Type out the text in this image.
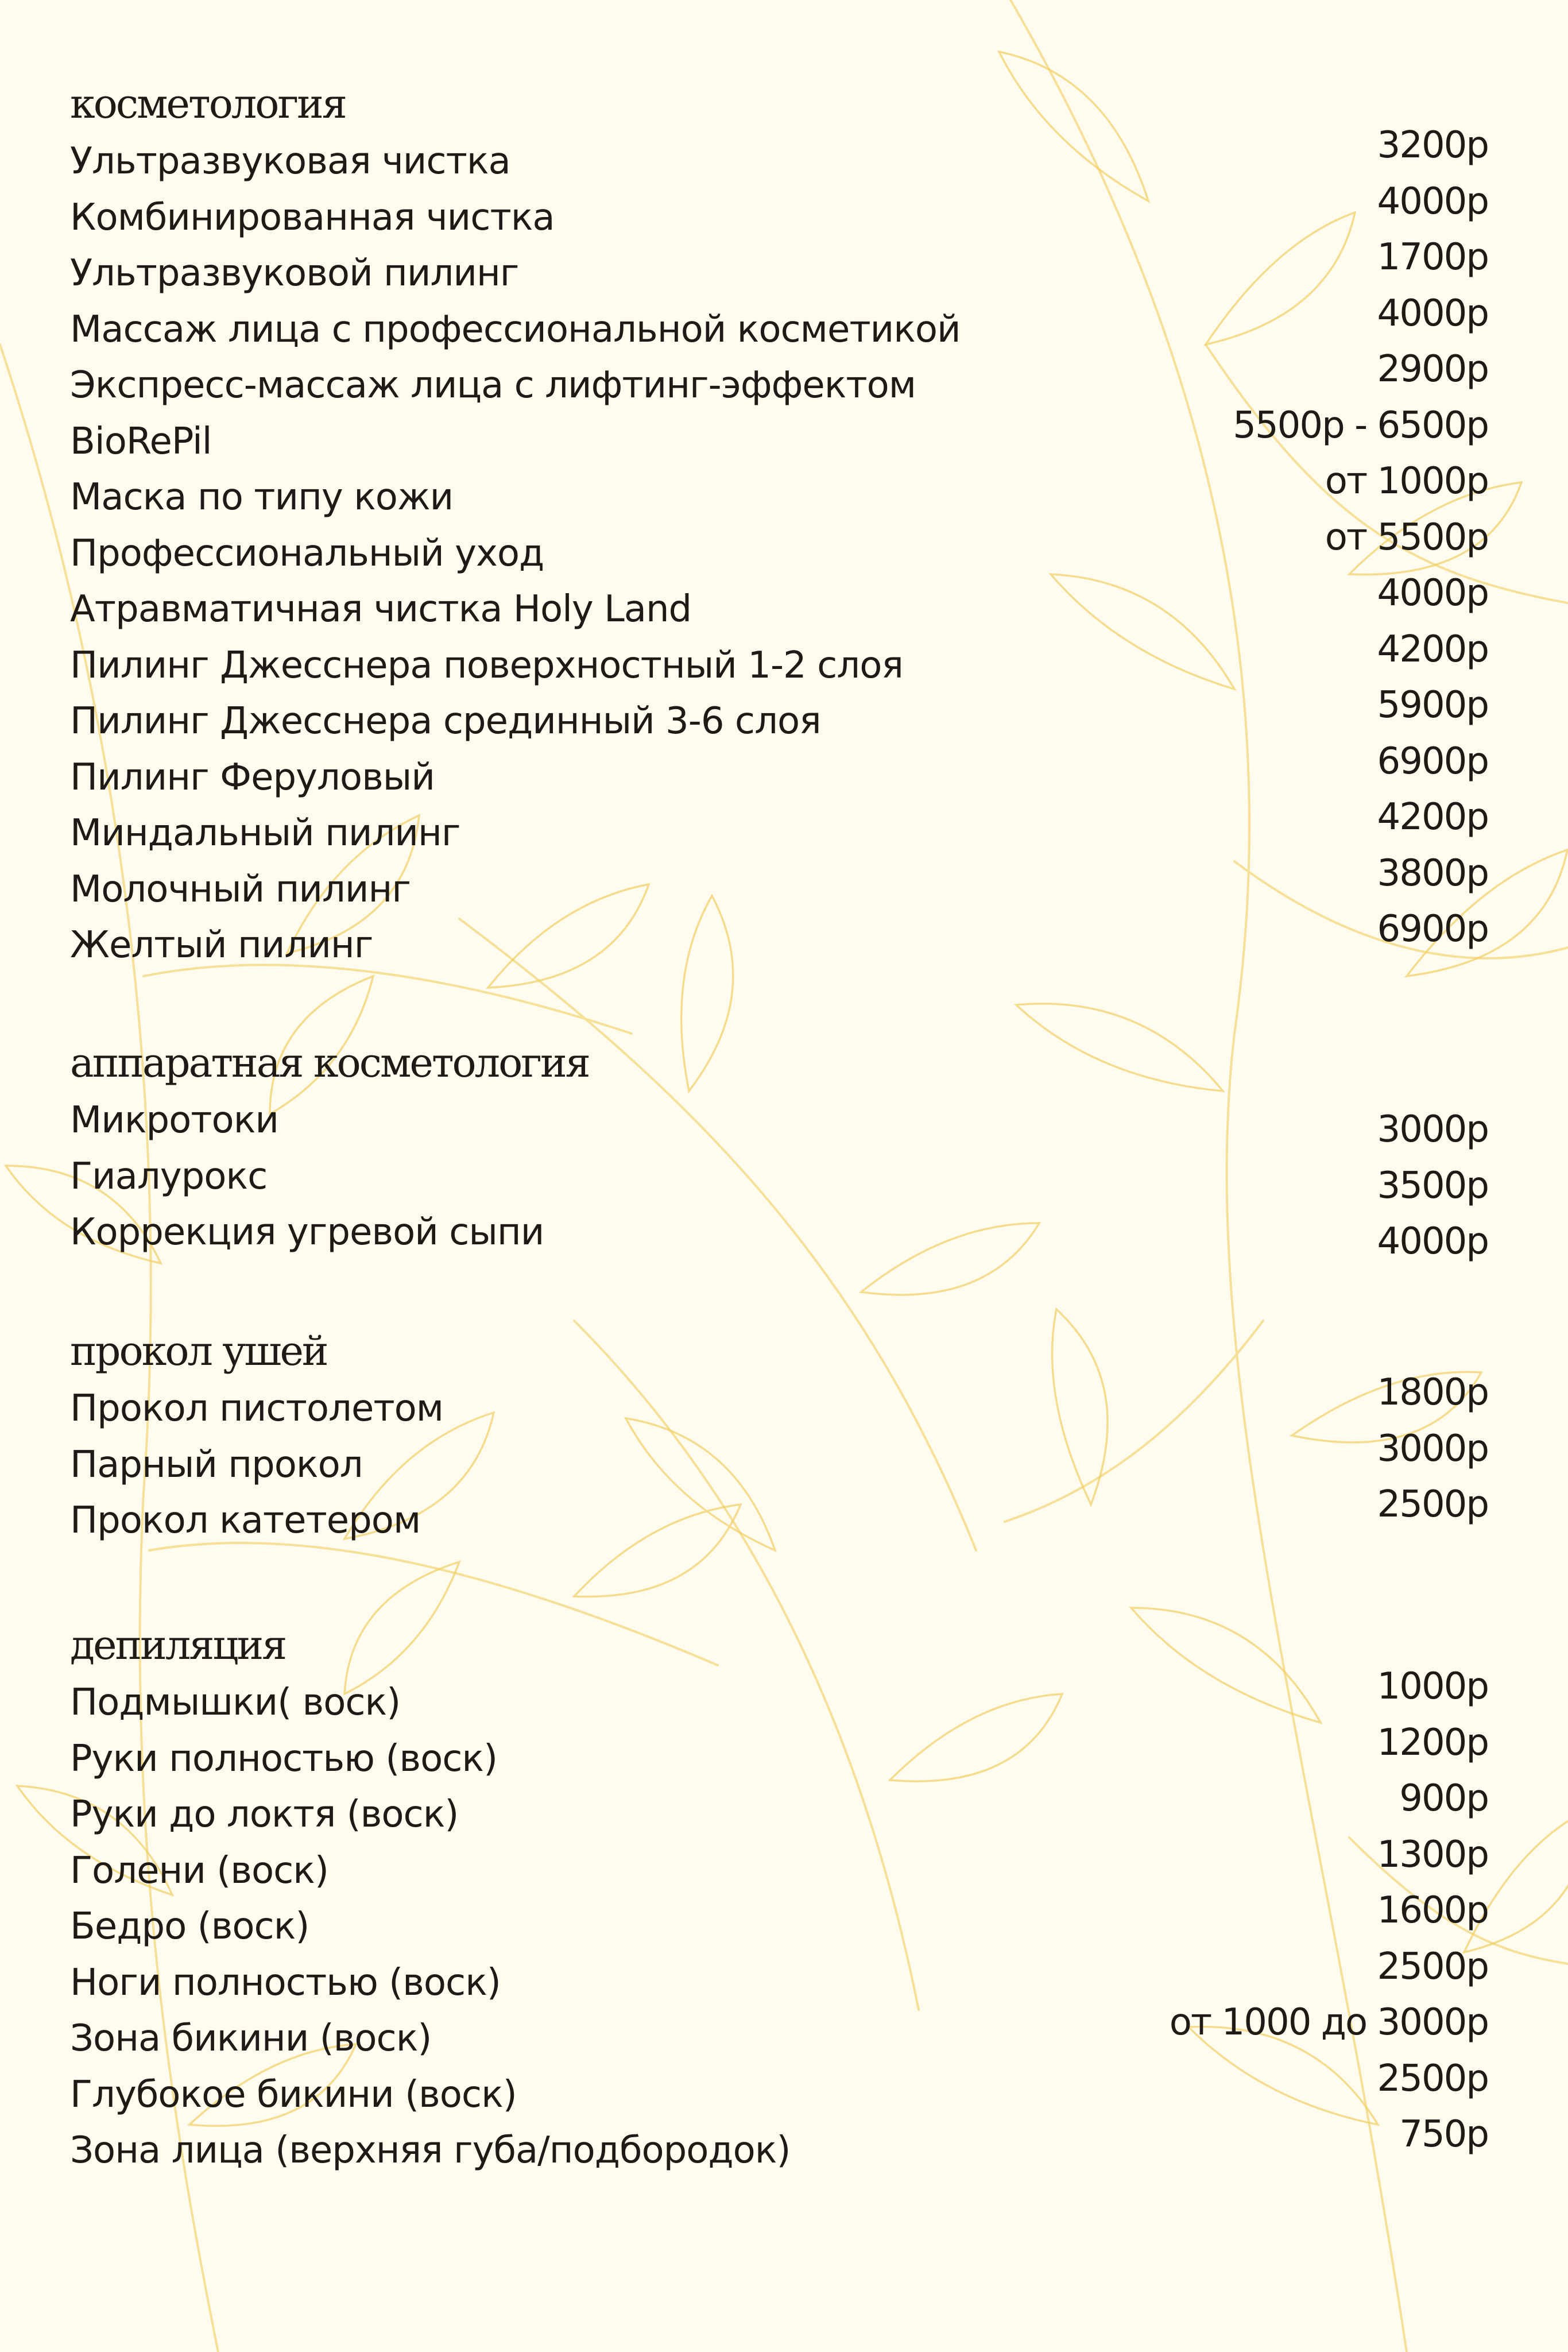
косметология
Ультразвуковая чистка	3200р
Комбинированная чистка	4000р
Ультразвуковой пилинг	1700р
Массаж лица с профессиональной косметикой	4000р
Экспресс-массаж лица с лифтинг-эффектом	2900р
BioRePil	5500р - 6500р
Маска по типу кожи	от 1000р
Профессиональный уход	от 5500р
Атравматичная чистка Holy Land	4000р
Пилинг Джесснера поверхностный 1-2 слоя	4200р
Пилинг Джесснера срединный 3-6 слоя	5900р
Пилинг Феруловый	6900р
Миндальный пилинг	4200р
Молочный пилинг	3800р
Желтый пилинг	6900р
аппаратная косметология
Микротоки	3000р
Гиалурокс	3500р
Коррекция угревой сыпи	4000р
прокол ушей
Прокол пистолетом	1800р
Парный прокол	3000р
Прокол катетером	2500р
депиляция
Подмышки( воск)	1000р
Руки полностью (воск)	1200р
Руки до локтя (воск)	900р
Голени (воск)	1300р
Бедро (воск)	1600р
Ноги полностью (воск)	2500р
Зона бикини (воск)	от 1000 до 3000р
Глубокое бикини (воск)	2500р
Зона лица (верхняя губа/подбородок)	750р
